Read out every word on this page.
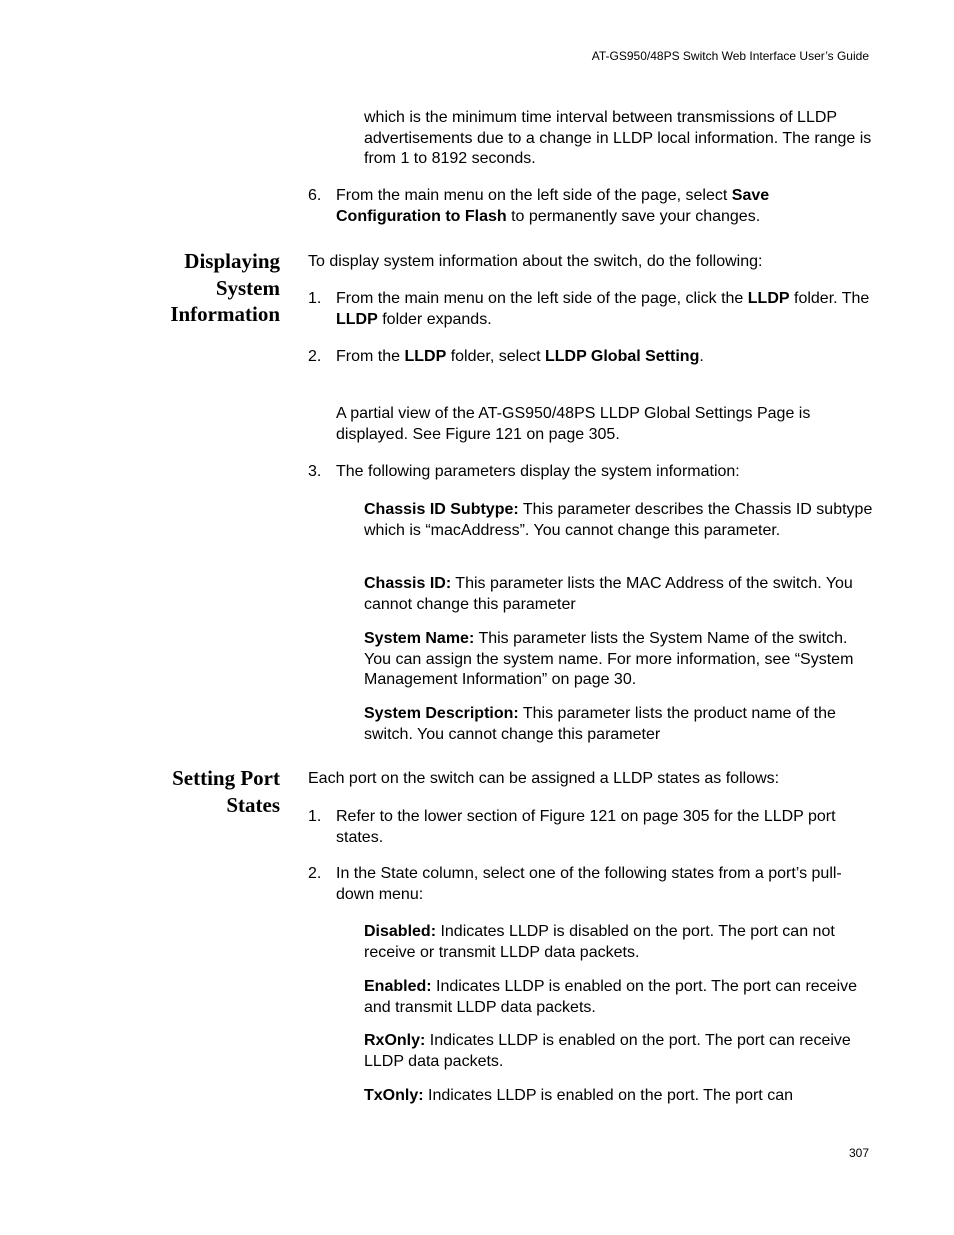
AT-GS950/48PS Switch Web Interface User’s Guide
which is the minimum time interval between transmissions of LLDP advertisements due to a change in LLDP local information. The range is from 1 to 8192 seconds.
6. From the main menu on the left side of the page, select Save Configuration to Flash to permanently save your changes.
Displaying
System
Information
To display system information about the switch, do the following:
1. From the main menu on the left side of the page, click the LLDP folder. The LLDP folder expands.
2. From the LLDP folder, select LLDP Global Setting.
A partial view of the AT-GS950/48PS LLDP Global Settings Page is displayed. See Figure 121 on page 305.
3. The following parameters display the system information:
Chassis ID Subtype: This parameter describes the Chassis ID subtype which is “macAddress”. You cannot change this parameter.
Chassis ID: This parameter lists the MAC Address of the switch. You cannot change this parameter
System Name: This parameter lists the System Name of the switch. You can assign the system name. For more information, see “System Management Information” on page 30.
System Description: This parameter lists the product name of the switch. You cannot change this parameter
Setting Port
States
Each port on the switch can be assigned a LLDP states as follows:
1. Refer to the lower section of Figure 121 on page 305 for the LLDP port states.
2. In the State column, select one of the following states from a port’s pull-down menu:
Disabled: Indicates LLDP is disabled on the port. The port can not receive or transmit LLDP data packets.
Enabled: Indicates LLDP is enabled on the port. The port can receive and transmit LLDP data packets.
RxOnly: Indicates LLDP is enabled on the port. The port can receive LLDP data packets.
TxOnly: Indicates LLDP is enabled on the port. The port can
307
